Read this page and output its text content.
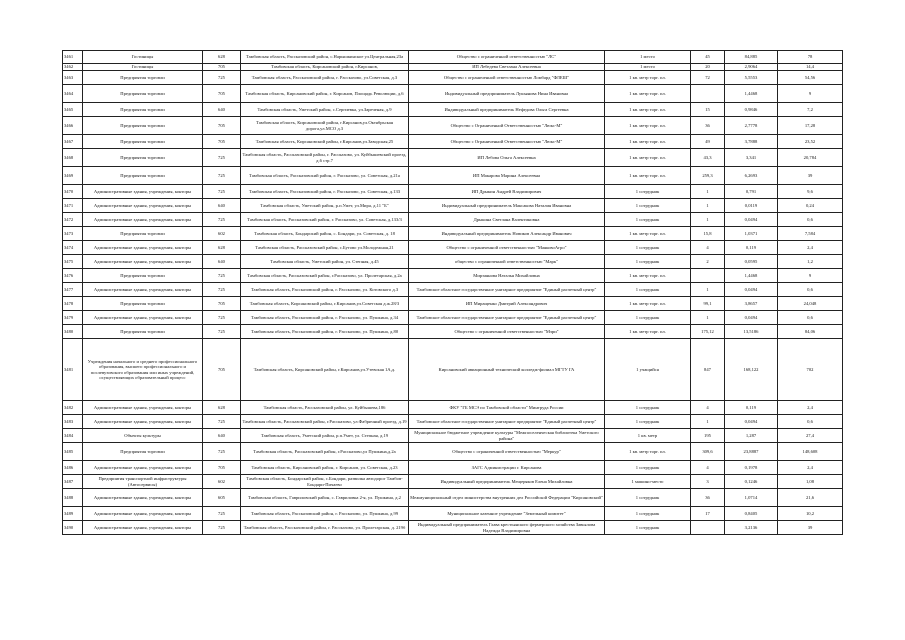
3461	Гостиницы	628	Тамбовская область, Рассказовский район, с.Нарышкинское ул.Центральная,23а	Общество с ограниченной ответственностью "ЛС"	1 место	45	84,885	78
3462	Гостиницы	705	Тамбовская область, Кирсановский район, г.Кирсанов,	ИП Лебедева Светлана Алексеевна	1 место	20	2,9064	14,4
3463	Предприятия торговли	725	Тамбовская область, Рассказовский район, г. Рассказово, ул.Советская, д.3	Общество с ограниченной ответственностью Ломбард "ФЛЕШ"	1 кв. метр торг. пл.	72	5,5553	54,56
3464	Предприятия торговли	705	Тамбовская область, Кирсановский район, г. Кирсанов, Площадь Революции, д.6	Индивидуальный предприниматель Лукьянова Нина Ивановна	1 кв. метр торг. пл.		1,4468	9
3465	Предприятия торговли	640	Тамбовская область, Уметский район, с.Сергиевка, ул.Зареченая, д.9	Индивидуальный предприниматель Нефедова Ольга Сергеевна	1 кв. метр торг. пл.	15	0,9846	7,2
3466	Предприятия торговли	705	Тамбовская область, Кирсановский район, г.Кирсанов,ул.Октябрьская дорога,ул.МСО д.3	Общество с Ограниченной Ответственностью "Люкс-М"	1 кв. метр торг. пл.	36	2,7778	17,28
3467	Предприятия торговли	705	Тамбовская область, Кирсановский район, г.Кирсанов,ул.Заводская,25	Общество с Ограниченной Ответственностью "Люкс-М"	1 кв. метр торг. пл.	49	3,7888	23,52
3468	Предприятия торговли	725	Тамбовская область, Рассказовский район, г. Рассказово, ул. Куйбышевский проезд, д.6 стр.7	ИП Лебова Ольга Алексеевна	1 кв. метр торг. пл.	43,3	3,341	20,784
3469	Предприятия торговли	725	Тамбовская область, Рассказовский район, г. Рассказово, ул. Советская, д.21а	ИП Макарова Марина Алексеевна	1 кв. метр торг. пл.	259,3	6,2693	39
3470	Административные здания, учреждения, конторы	725	Тамбовская область, Рассказовский район, г. Рассказово, ул. Советская, д.133	ИП Дрыкин Андрей Владимирович	1 сотрудник	1	0,791	9,6
3471	Административные здания, учреждения, конторы	640	Тамбовская область, Уметский район, р.п.Умет, ул.Мира, д.11 "Б"	Индивидуальный предприниматель Максакова Наталия Ивановна	1 сотрудник	1	0,0119	0,24
3472	Административные здания, учреждения, конторы	725	Тамбовская область, Рассказовский район, г. Рассказово, ул. Советская, д.133/3	Дрыкина Светлана Валентиновна	1 сотрудник	1	0,0494	0,6
3473	Предприятия торговли	602	Тамбовская область, Бондарский район, с. Бондари, ул. Советская, д. 18	Индивидуальный предприниматель Новиков Александр Иванович	1 кв. метр торг. пл.	15,8	1,0371	7,584
3474	Административные здания, учреждения, конторы	628	Тамбовская область, Рассказовский район, с.Бутово ул.Молодежная,21	Общество с ограниченной ответственностью "МаяковоАгро"	1 сотрудник	4	0,119	2,4
3475	Административные здания, учреждения, конторы	640	Тамбовская область, Уметский район, ул. Степная, д.45	общество с ограниченной ответственностью "Марк"	1 сотрудник	2	0,0595	1,2
3476	Предприятия торговли	725	Тамбовская область, Рассказовский район, г.Рассказово, ул. Пролетарская, д.2а	Мирзаянова Наталья Михайловна	1 кв. метр торг. пл.		1,4468	9
3477	Административные здания, учреждения, конторы	725	Тамбовская область, Рассказовский район, г. Рассказово, ул. Котовского д.3	Тамбовское областное государственное унитарное предприятие "Единый расчетный центр"	1 сотрудник	1	0,0494	0,6
3478	Предприятия торговли	705	Тамбовская область, Кирсановский район, г.Кирсанов,ул.Советская д.ж.28/3	ИП Миращенко Дмитрий Александрович	1 кв. метр торг. пл.	99,1	3,8657	24,048
3479	Административные здания, учреждения, конторы	725	Тамбовская область, Рассказовский район, г. Рассказово, ул. Пушкина, д.34	Тамбовское областное государственное унитарное предприятие "Единый расчетный центр"	1 сотрудник	1	0,0494	0,6
3480	Предприятия торговли	725	Тамбовская область, Рассказовский район, г. Рассказово, ул. Пушкина, д.80	Общество с ограниченной ответственностью "Мэри"	1 кв. метр торг. пл.	175,12	13,5186	84,06
3481	Учреждения начального и среднего профессионального образования, высшего профессионального и послевузовского образования или иных учреждений, осуществляющих образовательный процесс	705	Тамбовская область, Кирсановский район, г.Кирсанов,ул.Утевская 1А,д.	Кирсановский авиационный технический колледж-филиал МГТУ ГА	1 учащийся	847	168,122	702
3482	Административные здания, учреждения, конторы	628	Тамбовская область, Рассказовский район, ул. Куйбышева,186	ФКУ "ГБ МСЭ по Тамбовской области" Минтруда России	1 сотрудник	4	0,119	2,4
3483	Административные здания, учреждения, конторы	725	Тамбовская область, Рассказовский район, г.Рассказово, ул.Фабричный проезд, д.19	Тамбовское областное государственное унитарное предприятие "Единый расчетный центр"	1 сотрудник	1	0,0494	0,6
3484	Объекты культуры	640	Тамбовская область, Уметский район, р.п.Умет, ул. Степная, д.19	Муниципальное бюджетное учреждение культуры "Межпоселенческая библиотека Уметского района"	1 кв. метр	195	1,287	27,4
3485	Предприятия торговли	725	Тамбовская область, Рассказовский район, г.Рассказово,ул Пушкина,д.2а	Общество с ограниченной ответственностью "Меркур"	1 кв. метр торг. пл.	309,6	23,8887	148,608
3486	Административные здания, учреждения, конторы	705	Тамбовская область, Кирсановский район, г. Кирсанов, ул. Советская, д.23	ЗАГС Администрации г. Кирсанова	1 сотрудник	4	0,1978	2,4
3487	Предприятия транспортной инфраструктуры (Автосервисы)	602	Тамбовская область, Бондарский район, с.Бондари, развилка автодорог Тамбов-Бондари-Пичаево	Индивидуальный предприниматель Мещеряков Елена Михайловна	1 машино-место	3	0,1246	1,08
3488	Административные здания, учреждения, конторы	605	Тамбовская область, Гавриловский район, с. Гавриловка 2-я, ул. Пушкина, д.2	Межмуниципальный отдел министерства внутренних дел Российской Федерации "Кирсановский"	1 сотрудник	36	1,0714	21,6
3489	Административные здания, учреждения, конторы	725	Тамбовская область, Рассказовский район, г. Рассказово, ул. Пушкина, д.99	Муниципальное казенное учреждение "Земельный комитет"	1 сотрудник	17	0,8405	10,2
3490	Административные здания, учреждения, конторы	725	Тамбовская область, Рассказовский район, г. Рассказово, ул. Пролетарская, д. 219б	Индивидуальный предприниматель Глава крестьянского фермерского хозяйства Завьялова Надежда Владимировна	1 сотрудник		3,2136	39
